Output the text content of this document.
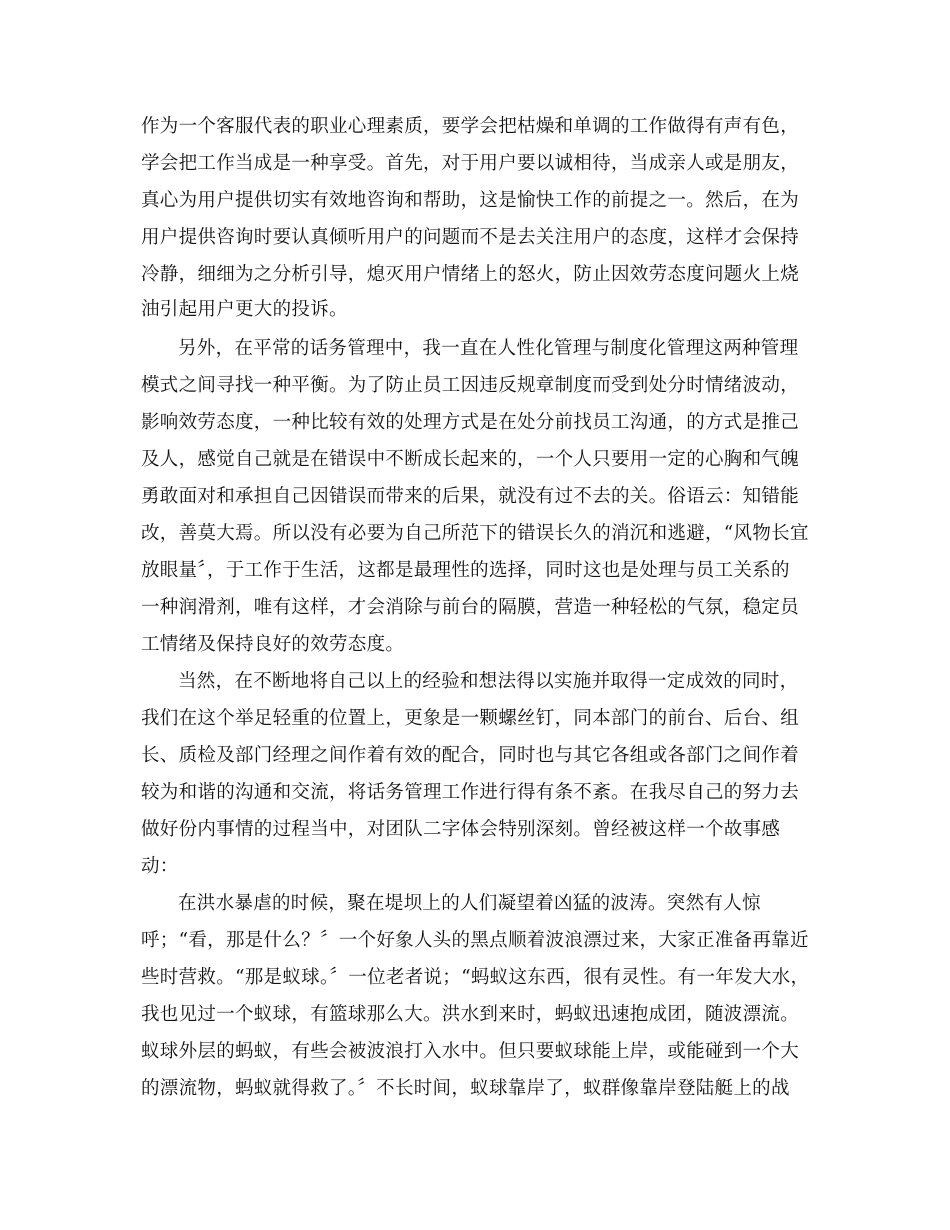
作为一个客服代表的职业心理素质，要学会把枯燥和单调的工作做得有声有色，
学会把工作当成是一种享受。首先，对于用户要以诚相待，当成亲人或是朋友，
真心为用户提供切实有效地咨询和帮助，这是愉快工作的前提之一。然后，在为
用户提供咨询时要认真倾听用户的问题而不是去关注用户的态度，这样才会保持
冷静，细细为之分析引导，熄灭用户情绪上的怒火，防止因效劳态度问题火上烧
油引起用户更大的投诉。
另外，在平常的话务管理中，我一直在人性化管理与制度化管理这两种管理
模式之间寻找一种平衡。为了防止员工因违反规章制度而受到处分时情绪波动，
影响效劳态度，一种比较有效的处理方式是在处分前找员工沟通，的方式是推己
及人，感觉自己就是在错误中不断成长起来的，一个人只要用一定的心胸和气魄
勇敢面对和承担自己因错误而带来的后果，就没有过不去的关。俗语云：知错能
改，善莫大焉。所以没有必要为自己所范下的错误长久的消沉和逃避，“风物长宜
放眼量〞，于工作于生活，这都是最理性的选择，同时这也是处理与员工关系的
一种润滑剂，唯有这样，才会消除与前台的隔膜，营造一种轻松的气氛，稳定员
工情绪及保持良好的效劳态度。
当然，在不断地将自己以上的经验和想法得以实施并取得一定成效的同时，
我们在这个举足轻重的位置上，更象是一颗螺丝钉，同本部门的前台、后台、组
长、质检及部门经理之间作着有效的配合，同时也与其它各组或各部门之间作着
较为和谐的沟通和交流，将话务管理工作进行得有条不紊。在我尽自己的努力去
做好份内事情的过程当中，对团队二字体会特别深刻。曾经被这样一个故事感
动：
在洪水暴虐的时候，聚在堤坝上的人们凝望着凶猛的波涛。突然有人惊
呼；“看，那是什么？〞一个好象人头的黑点顺着波浪漂过来，大家正准备再靠近
些时营救。“那是蚁球。〞一位老者说；“蚂蚁这东西，很有灵性。有一年发大水，
我也见过一个蚁球，有篮球那么大。洪水到来时，蚂蚁迅速抱成团，随波漂流。
蚁球外层的蚂蚁，有些会被波浪打入水中。但只要蚁球能上岸，或能碰到一个大
的漂流物，蚂蚁就得救了。〞不长时间，蚁球靠岸了，蚁群像靠岸登陆艇上的战
